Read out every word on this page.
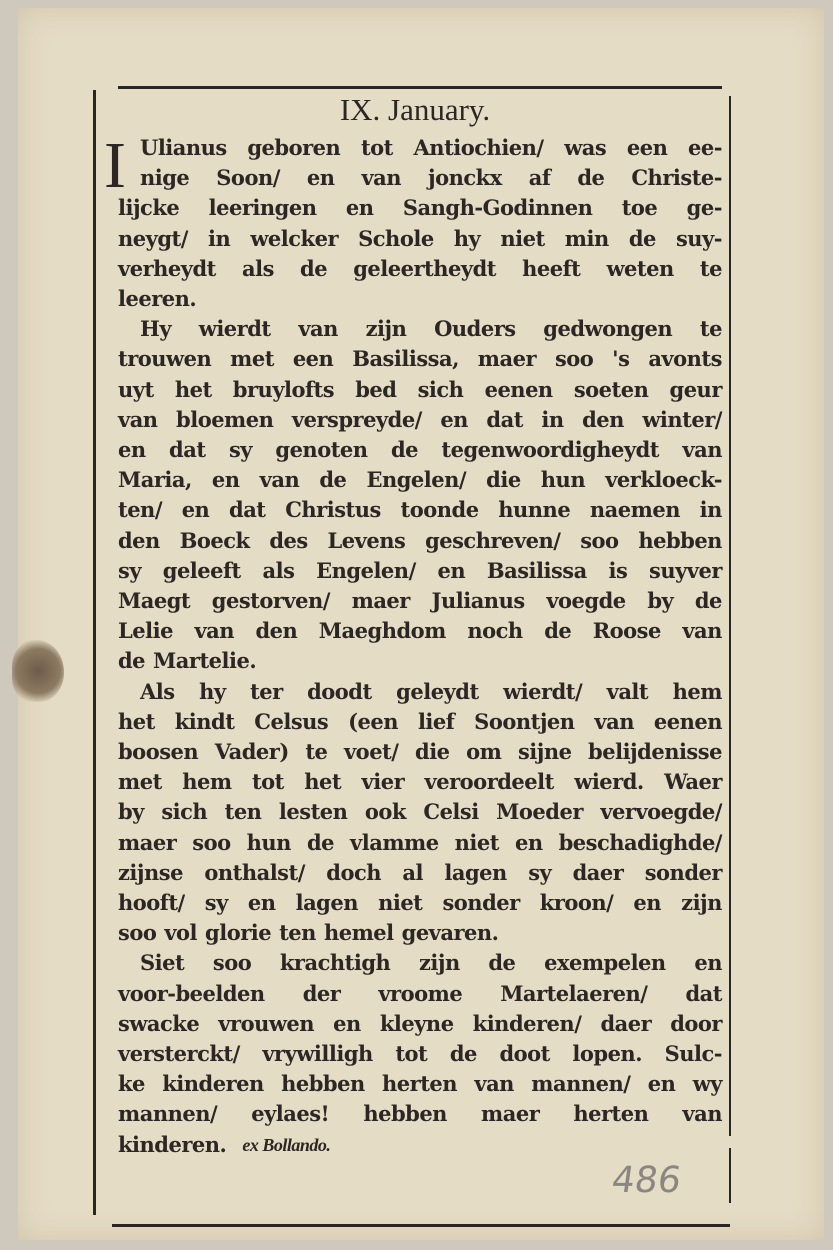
IX. January.
I Ulianus geboren tot Antiochien/ was een ee-
nige Soon/ en van jonckx af de Christe-
lijcke leeringen en Sangh-Godinnen toe ge-
neygt/ in welcker Schole hy niet min de suy-
verheydt als de geleertheydt heeft weten te
leeren.
Hy wierdt van zijn Ouders gedwongen te
trouwen met een Basilissa, maer soo 's avonts
uyt het bruylofts bed sich eenen soeten geur
van bloemen verspreyde/ en dat in den winter/
en dat sy genoten de tegenwoordigheydt van
Maria, en van de Engelen/ die hun verkloeck-
ten/ en dat Christus toonde hunne naemen in
den Boeck des Levens geschreven/ soo hebben
sy geleeft als Engelen/ en Basilissa is suyver
Maegt gestorven/ maer Julianus voegde by de
Lelie van den Maeghdom noch de Roose van
de Martelie.
Als hy ter doodt geleydt wierdt/ valt hem
het kindt Celsus (een lief Soontjen van eenen
boosen Vader) te voet/ die om sijne belijdenisse
met hem tot het vier veroordeelt wierd. Waer
by sich ten lesten ook Celsi Moeder vervoegde/
maer soo hun de vlamme niet en beschadighde/
zijnse onthalst/ doch al lagen sy daer sonder
hooft/ sy en lagen niet sonder kroon/ en zijn
soo vol glorie ten hemel gevaren.
Siet soo krachtigh zijn de exempelen en
voor-beelden der vroome Martelaeren/ dat
swacke vrouwen en kleyne kinderen/ daer door
versterckt/ vrywilligh tot de doot lopen. Sulc-
ke kinderen hebben herten van mannen/ en wy
mannen/ eylaes! hebben maer herten van
kinderen. ex Bollando.
486
